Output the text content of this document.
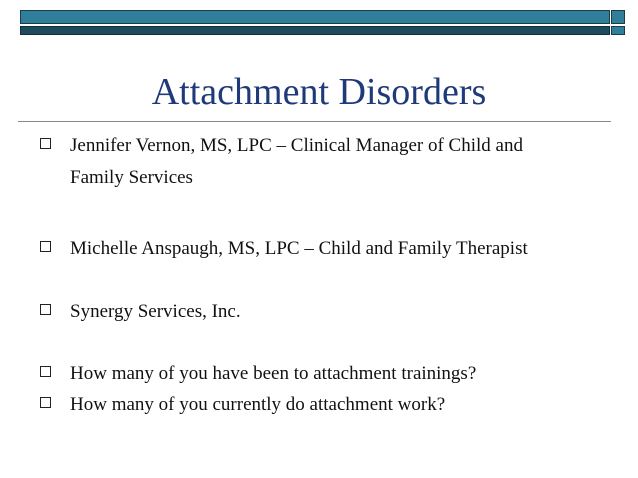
Attachment Disorders
Jennifer Vernon, MS, LPC – Clinical Manager of Child and
Family Services
Michelle Anspaugh, MS, LPC – Child and Family Therapist
Synergy Services, Inc.
How many of you have been to attachment trainings?
How many of you currently do attachment work?
